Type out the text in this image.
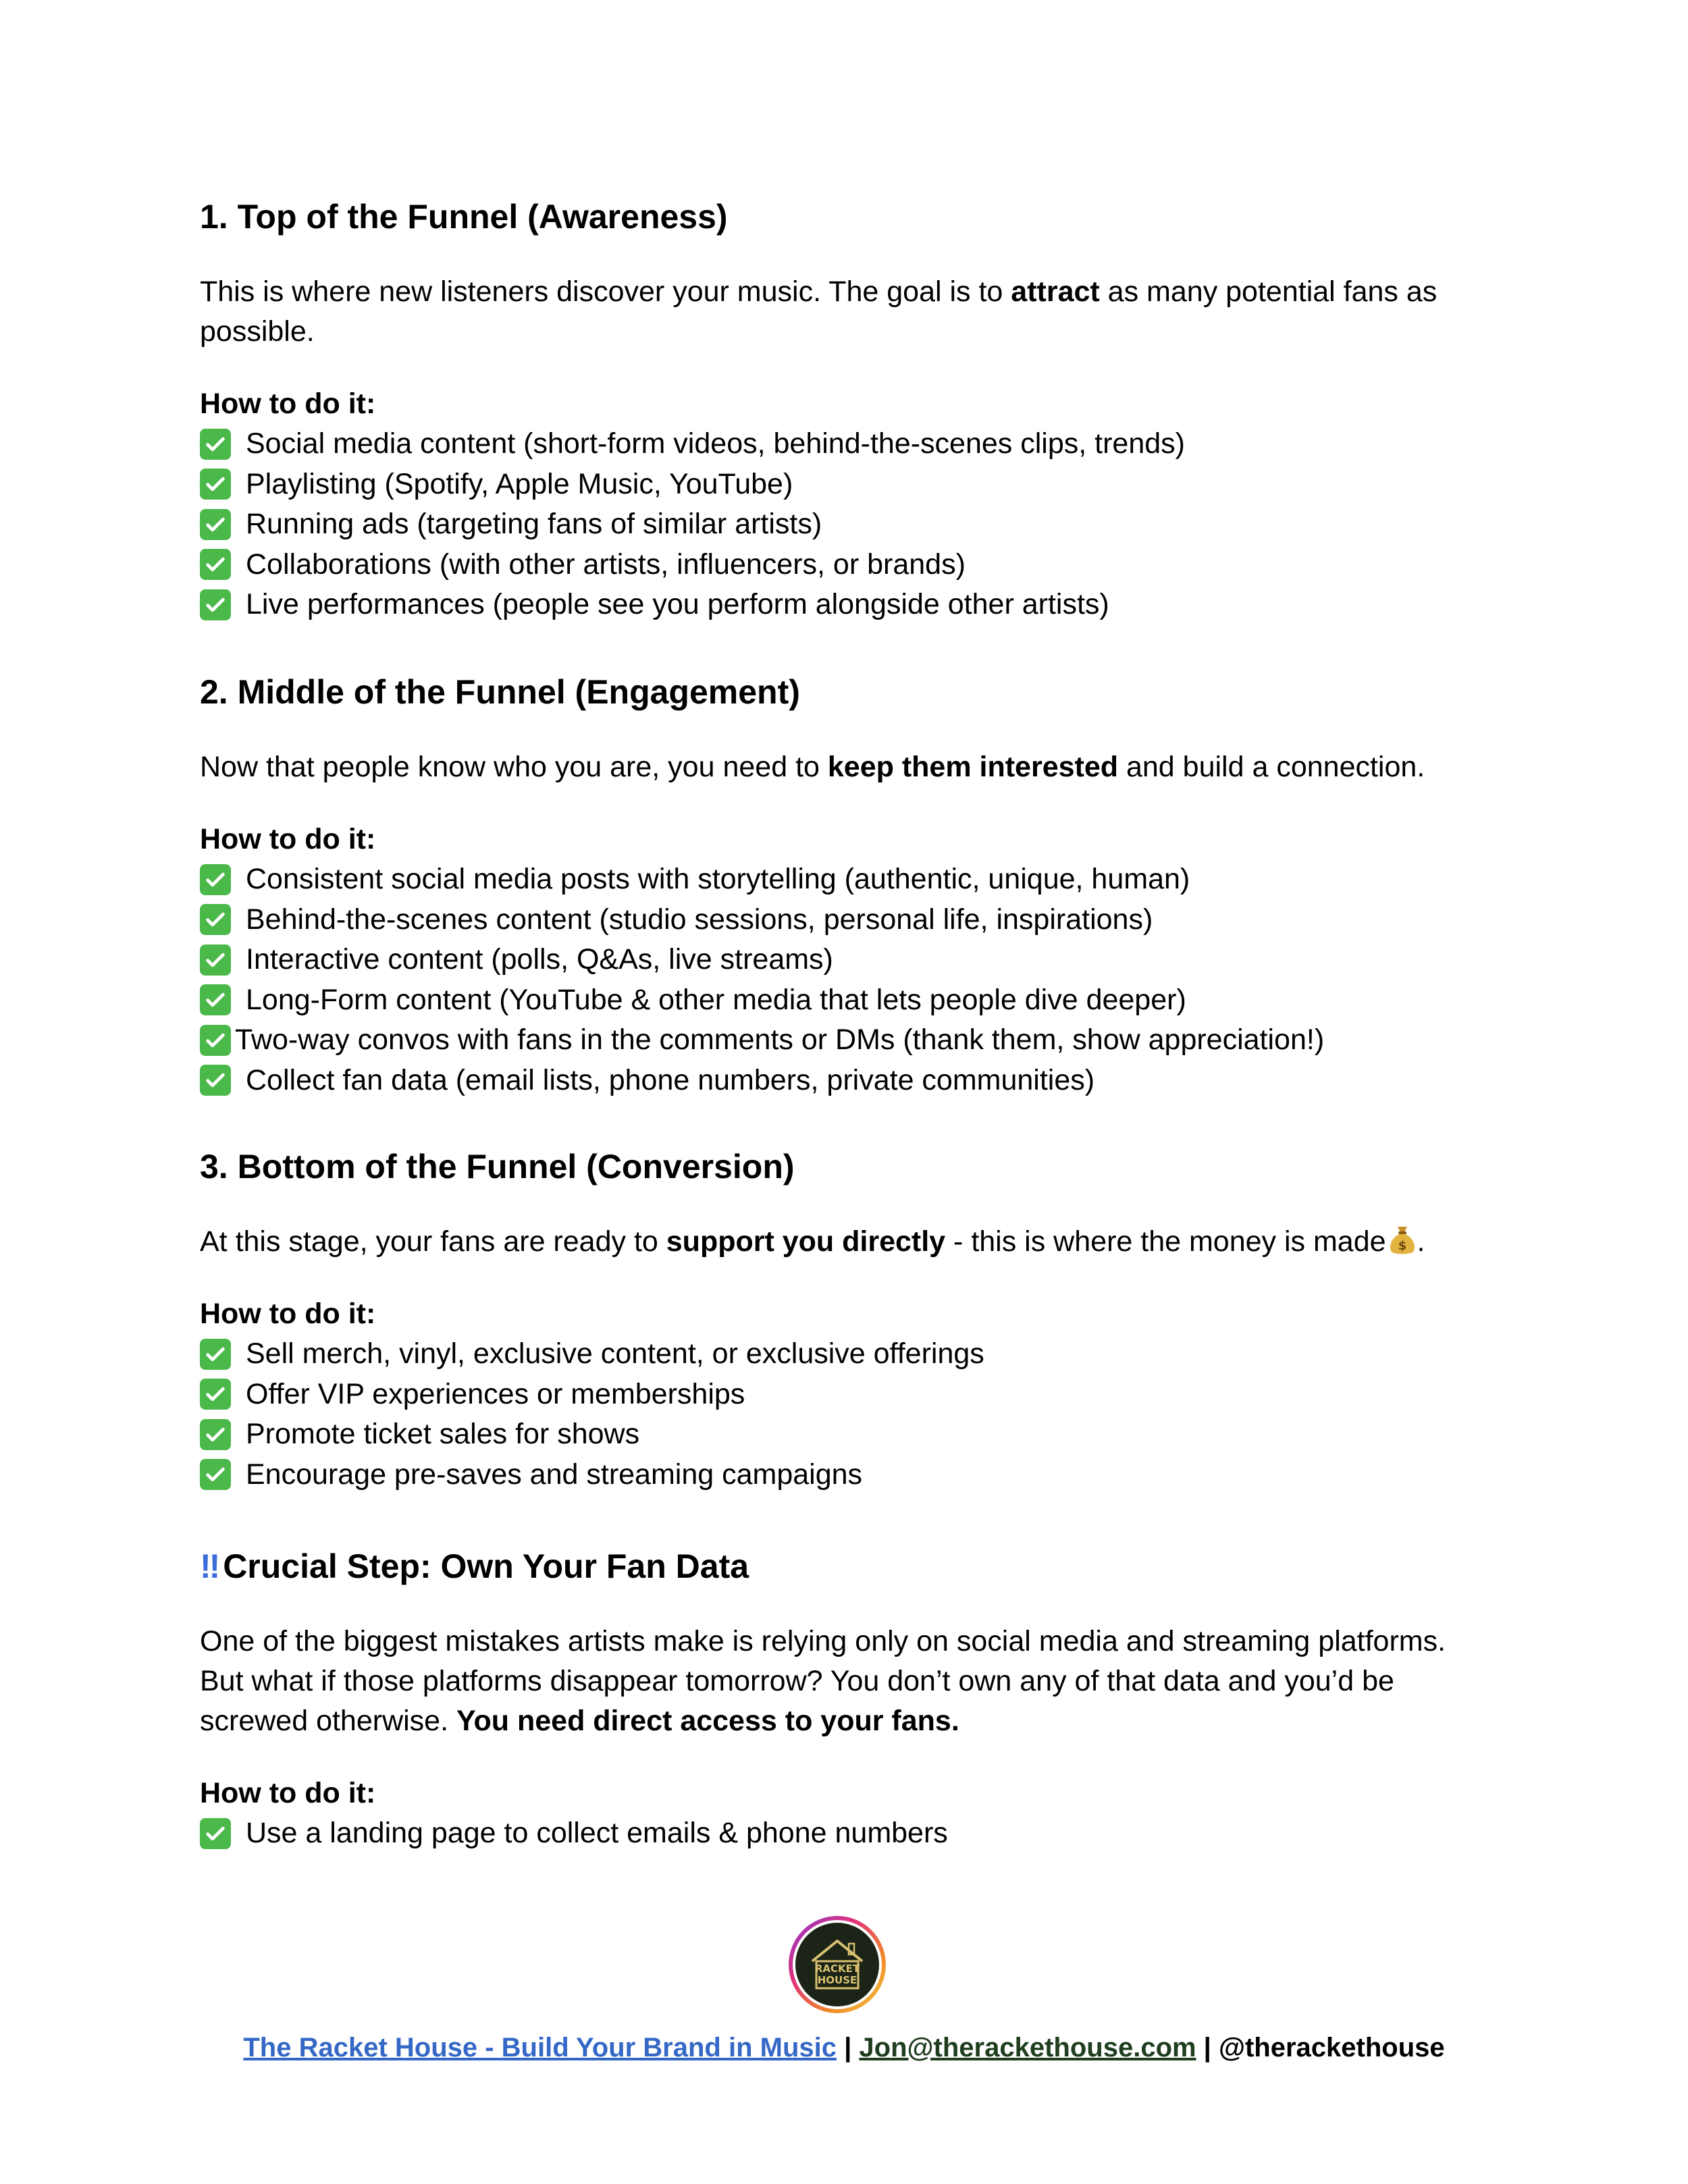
1. Top of the Funnel (Awareness)

This is where new listeners discover your music. The goal is to attract as many potential fans as possible.

How to do it:

Social media content (short-form videos, behind-the-scenes clips, trends)
Playlisting (Spotify, Apple Music, YouTube)
Running ads (targeting fans of similar artists)
Collaborations (with other artists, influencers, or brands)
Live performances (people see you perform alongside other artists)
2. Middle of the Funnel (Engagement)

Now that people know who you are, you need to keep them interested and build a connection.

How to do it:

Consistent social media posts with storytelling (authentic, unique, human)
Behind-the-scenes content (studio sessions, personal life, inspirations)
Interactive content (polls, Q&As, live streams)
Long-Form content (YouTube & other media that lets people dive deeper)
Two-way convos with fans in the comments or DMs (thank them, show appreciation!)
Collect fan data (email lists, phone numbers, private communities)
3. Bottom of the Funnel (Conversion)

At this stage, your fans are ready to support you directly - this is where the money is made $ .

How to do it:

Sell merch, vinyl, exclusive content, or exclusive offerings
Offer VIP experiences or memberships
Promote ticket sales for shows
Encourage pre-saves and streaming campaigns
‼ Crucial Step: Own Your Fan Data

One of the biggest mistakes artists make is relying only on social media and streaming platforms. But what if those platforms disappear tomorrow? You don’t own any of that data and you’d be screwed otherwise. You need direct access to your fans.

How to do it:

Use a landing page to collect emails & phone numbers
RACKET
HOUSE
The Racket House - Build Your Brand in Music | Jon@therackethouse.com | @therackethouse
